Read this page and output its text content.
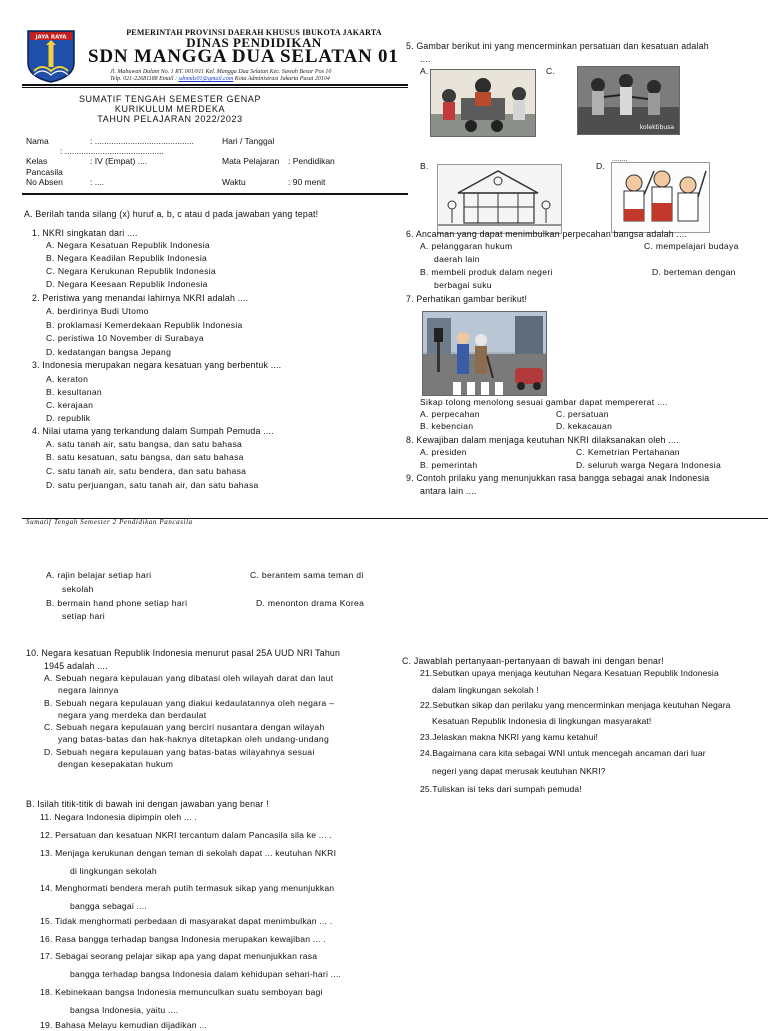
JAYA RAYA
PEMERINTAH PROVINSI DAERAH KHUSUS IBUKOTA JAKARTA
DINAS PENDIDIKAN
SDN MANGGA DUA SELATAN 01
Jl. Mabuwan Dalam No. 1 RT. 001/011 Kel. Mangga Dua Selatan Kec. Sawah Besar Pos 10
Telp. 021-22681188 Email : sdnmds01@gmail.com Kota Administrasi Jakarta Pusat 20104
SUMATIF TENGAH SEMESTER GENAP
KURIKULUM MERDEKA
TAHUN PELAJARAN 2022/2023
Nama	: ..........................................
: ..........................................
Hari / Tanggal
Kelas	: IV (Empat) ....	Mata Pelajaran : Pendidikan
Pancasila
No Absen	: ....	Waktu	: 90 menit
A. Berilah tanda silang (x) huruf a, b, c atau d pada jawaban yang tepat!
1. NKRI singkatan dari ....
A. Negara Kesatuan Republik Indonesia
B. Negara Keadilan Republik Indonesia
C. Negara Kerukunan Republik Indonesia
D. Negara Keesaan Republik Indonesia
2. Peristiwa yang menandai lahirnya NKRI adalah ....
A. berdirinya Budi Utomo
B. proklamasi Kemerdekaan Republik Indonesia
C. peristiwa 10 November di Surabaya
D. kedatangan bangsa Jepang
3. Indonesia merupakan negara kesatuan yang berbentuk ....
A. keraton
B. kesultanan
C. kerajaan
D. republik
4. Nilai utama yang terkandung dalam Sumpah Pemuda ....
A. satu tanah air, satu bangsa, dan satu bahasa
B. satu kesatuan, satu bangsa, dan satu bahasa
C. satu tanah air, satu bendera, dan satu bahasa
D. satu perjuangan, satu tanah air, dan satu bahasa
5. Gambar berikut ini yang mencerminkan persatuan dan kesatuan adalah
....
A.	C.
B.	D.
kolektibusa
........
6. Ancaman yang dapat menimbulkan perpecahan bangsa adalah ....
A. pelanggaran hukum	C. mempelajari budaya
daerah lain
B. membeli produk dalam negeri	D. berteman dengan
berbagai suku
7. Perhatikan gambar berikut!
Sikap tolong menolong sesuai gambar dapat mempererat ....
A. perpecahan	C. persatuan
B. kebencian	D. kekacauan
8. Kewajiban dalam menjaga keutuhan NKRI dilaksanakan oleh ....
A. presiden	C. Kemetrian Pertahanan
B. pemerintah	D. seluruh warga Negara Indonesia
9. Contoh prilaku yang menunjukkan rasa bangga sebagai anak Indonesia
antara lain ....
Sumatif Tengah Semester 2 Pendidikan Pancasila
A. rajin belajar setiap hari	C. berantem sama teman di
sekolah
B. bermain hand phone setiap hari	D. menonton drama Korea
setiap hari
10. Negara kesatuan Republik Indonesia menurut pasal 25A UUD NRI Tahun
1945 adalah ....
A. Sebuah negara kepulauan yang dibatasi oleh wilayah darat dan laut
negara lainnya
B. Sebuah negara kepulauan yang diakui kedaulatannya oleh negara –
negara yang merdeka dan berdaulat
C. Sebuah negara kepulauan yang berciri nusantara dengan wilayah
yang batas-batas dan hak-haknya ditetapkan oleh undang-undang
D. Sebuah negara kepulauan yang batas-batas wilayahnya sesuai
dengan kesepakatan hukum
B. Isilah titik-titik di bawah ini dengan jawaban yang benar !
11. Negara Indonesia dipimpin oleh ... .
12. Persatuan dan kesatuan NKRI tercantum dalam Pancasila sila ke ... .
13. Menjaga kerukunan dengan teman di sekolah dapat ... keutuhan NKRI
di lingkungan sekolah
14. Menghormati bendera merah putih termasuk sikap yang menunjukkan
bangga sebagai ....
15. Tidak menghormati perbedaan di masyarakat dapat menimbulkan ... .
16. Rasa bangga terhadap bangsa Indonesia merupakan kewajiban ... .
17. Sebagai seorang pelajar sikap apa yang dapat menunjukkan rasa
bangga terhadap bangsa Indonesia dalam kehidupan sehari-hari ....
18. Kebinekaan bangsa Indonesia memunculkan suatu semboyan bagi
bangsa Indonesia, yaitu ....
19. Bahasa Melayu kemudian dijadikan ...
C. Jawablah pertanyaan-pertanyaan di bawah ini dengan benar!
21.Sebutkan upaya menjaga keutuhan Negara Kesatuan Republik Indonesia
dalam lingkungan sekolah !
22.Sebutkan sikap dan perilaku yang mencerminkan menjaga keutuhan Negara
Kesatuan Republik Indonesia di lingkungan masyarakat!
23.Jelaskan makna NKRI yang kamu ketahui!
24.Bagaimana cara kita sebagai WNI untuk mencegah ancaman dari luar
negeri yang dapat merusak keutuhan NKRI?
25.Tuliskan isi teks dari sumpah pemuda!
